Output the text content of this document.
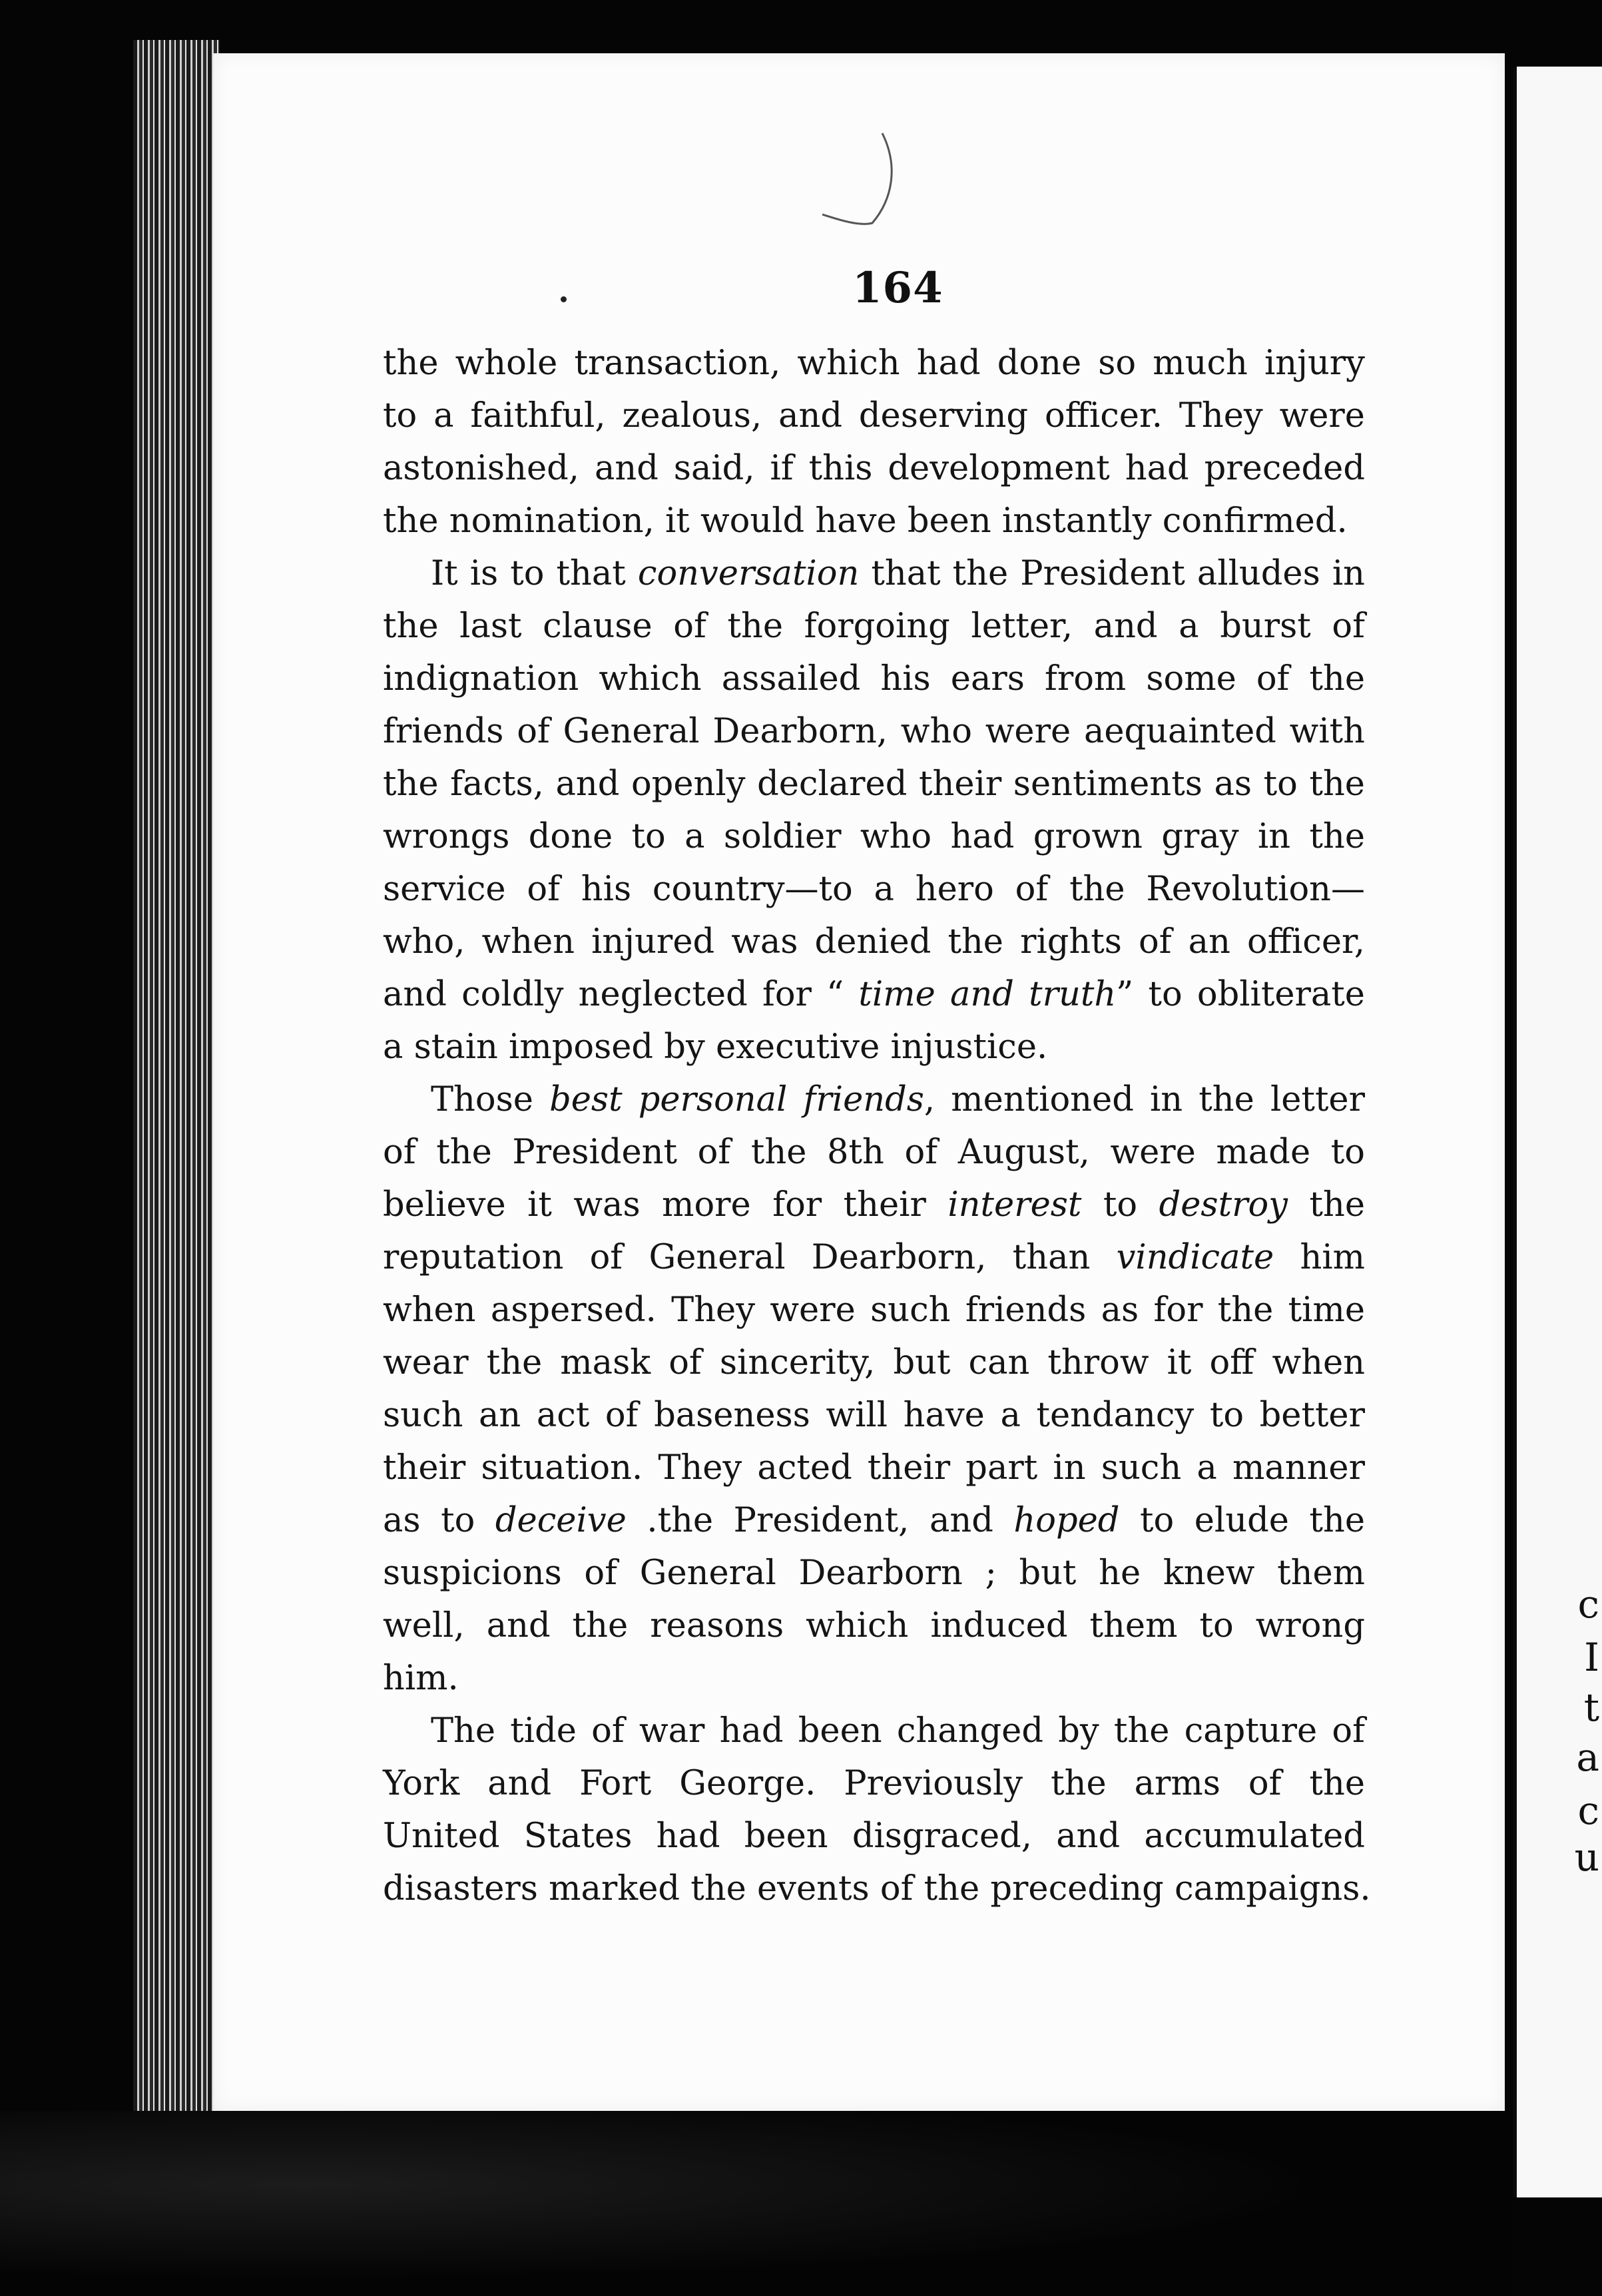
c
I
t
a
c
u
164
the whole transaction, which had done so much injury
to a faithful, zealous, and deserving officer. They were
astonished, and said, if this development had preceded
the nomination, it would have been instantly confirmed.
It is to that conversation that the President alludes in
the last clause of the forgoing letter, and a burst of
indignation which assailed his ears from some of the
friends of General Dearborn, who were aequainted with
the facts, and openly declared their sentiments as to the
wrongs done to a soldier who had grown gray in the
service of his country—to a hero of the Revolution—
who, when injured was denied the rights of an officer,
and coldly neglected for “ time and truth” to obliterate
a stain imposed by executive injustice.
Those best personal friends, mentioned in the letter
of the President of the 8th of August, were made to
believe it was more for their interest to destroy the
reputation of General Dearborn, than vindicate him
when aspersed. They were such friends as for the time
wear the mask of sincerity, but can throw it off when
such an act of baseness will have a tendancy to better
their situation. They acted their part in such a manner
as to deceive .the President, and hoped to elude the
suspicions of General Dearborn ; but he knew them
well, and the reasons which induced them to wrong
him.
The tide of war had been changed by the capture of
York and Fort George. Previously the arms of the
United States had been disgraced, and accumulated
disasters marked the events of the preceding campaigns.
